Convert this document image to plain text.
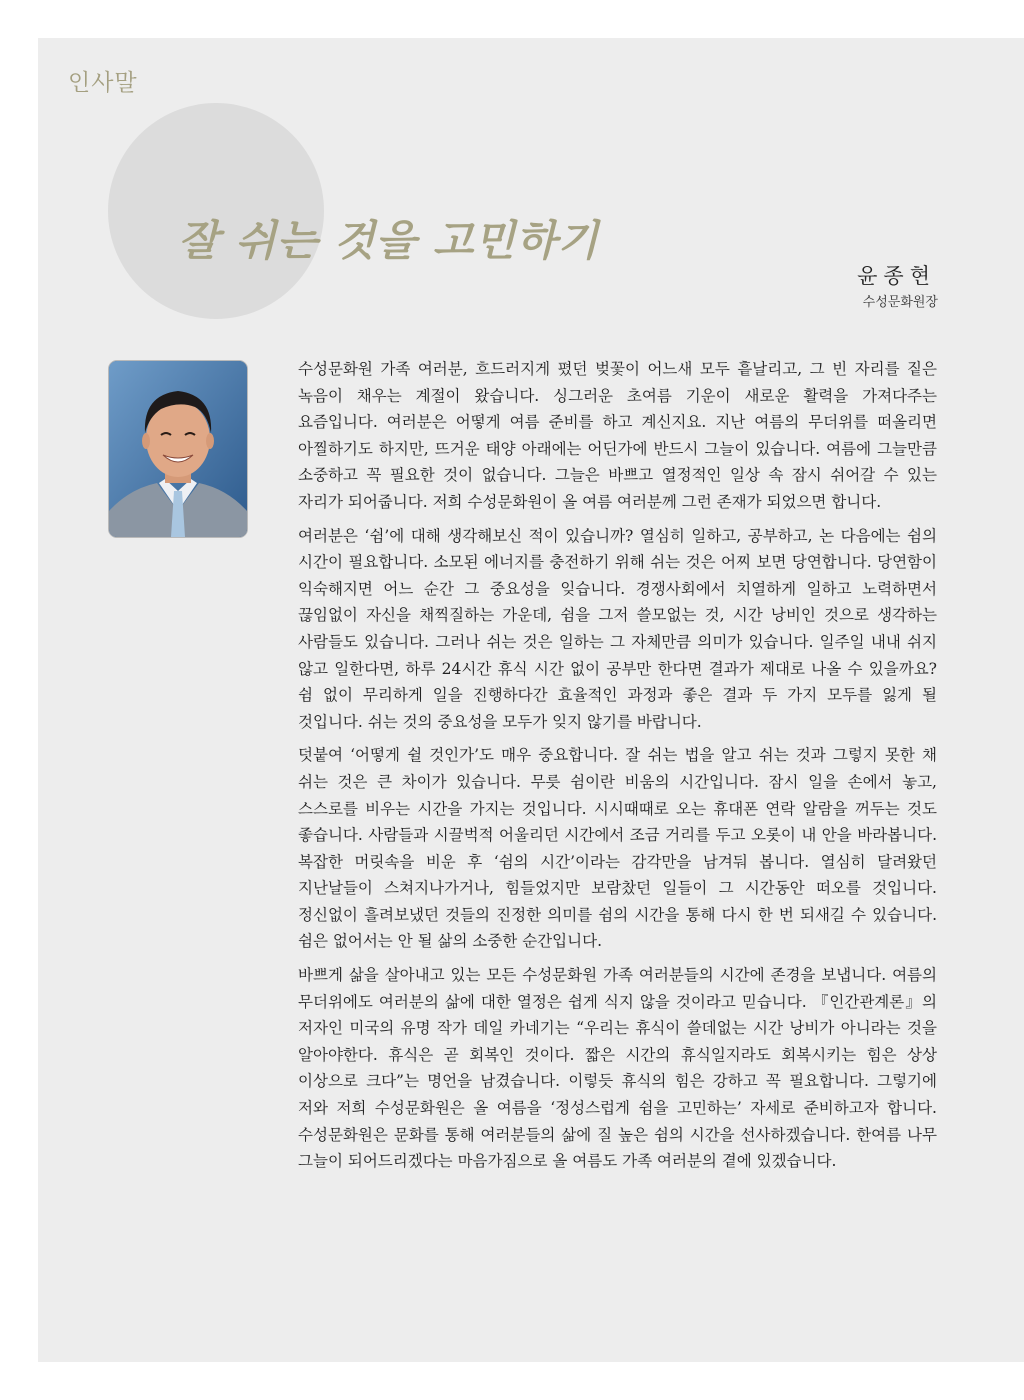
인사말
잘 쉬는 것을 고민하기
윤종현
수성문화원장

수성문화원 가족 여러분, 흐드러지게 폈던 벚꽃이 어느새 모두 흩날리고, 그 빈 자리를 짙은 녹음이 채우는 계절이 왔습니다. 싱그러운 초여름 기운이 새로운 활력을 가져다주는 요즘입니다. 여러분은 어떻게 여름 준비를 하고 계신지요. 지난 여름의 무더위를 떠올리면 아찔하기도 하지만, 뜨거운 태양 아래에는 어딘가에 반드시 그늘이 있습니다. 여름에 그늘만큼 소중하고 꼭 필요한 것이 없습니다. 그늘은 바쁘고 열정적인 일상 속 잠시 쉬어갈 수 있는 자리가 되어줍니다. 저희 수성문화원이 올 여름 여러분께 그런 존재가 되었으면 합니다.

여러분은 ‘쉼’에 대해 생각해보신 적이 있습니까? 열심히 일하고, 공부하고, 논 다음에는 쉼의 시간이 필요합니다. 소모된 에너지를 충전하기 위해 쉬는 것은 어찌 보면 당연합니다. 당연함이 익숙해지면 어느 순간 그 중요성을 잊습니다. 경쟁사회에서 치열하게 일하고 노력하면서 끊임없이 자신을 채찍질하는 가운데, 쉼을 그저 쓸모없는 것, 시간 낭비인 것으로 생각하는 사람들도 있습니다. 그러나 쉬는 것은 일하는 그 자체만큼 의미가 있습니다. 일주일 내내 쉬지 않고 일한다면, 하루 24시간 휴식 시간 없이 공부만 한다면 결과가 제대로 나올 수 있을까요? 쉼 없이 무리하게 일을 진행하다간 효율적인 과정과 좋은 결과 두 가지 모두를 잃게 될 것입니다. 쉬는 것의 중요성을 모두가 잊지 않기를 바랍니다.

덧붙여 ‘어떻게 쉴 것인가’도 매우 중요합니다. 잘 쉬는 법을 알고 쉬는 것과 그렇지 못한 채 쉬는 것은 큰 차이가 있습니다. 무릇 쉼이란 비움의 시간입니다. 잠시 일을 손에서 놓고, 스스로를 비우는 시간을 가지는 것입니다. 시시때때로 오는 휴대폰 연락 알람을 꺼두는 것도 좋습니다. 사람들과 시끌벅적 어울리던 시간에서 조금 거리를 두고 오롯이 내 안을 바라봅니다. 복잡한 머릿속을 비운 후 ‘쉼의 시간’이라는 감각만을 남겨둬 봅니다. 열심히 달려왔던 지난날들이 스쳐지나가거나, 힘들었지만 보람찼던 일들이 그 시간동안 떠오를 것입니다. 정신없이 흘려보냈던 것들의 진정한 의미를 쉼의 시간을 통해 다시 한 번 되새길 수 있습니다. 쉼은 없어서는 안 될 삶의 소중한 순간입니다.

바쁘게 삶을 살아내고 있는 모든 수성문화원 가족 여러분들의 시간에 존경을 보냅니다. 여름의 무더위에도 여러분의 삶에 대한 열정은 쉽게 식지 않을 것이라고 믿습니다. 『인간관계론』의 저자인 미국의 유명 작가 데일 카네기는 “우리는 휴식이 쓸데없는 시간 낭비가 아니라는 것을 알아야한다. 휴식은 곧 회복인 것이다. 짧은 시간의 휴식일지라도 회복시키는 힘은 상상 이상으로 크다”는 명언을 남겼습니다. 이렇듯 휴식의 힘은 강하고 꼭 필요합니다. 그렇기에 저와 저희 수성문화원은 올 여름을 ‘정성스럽게 쉼을 고민하는’ 자세로 준비하고자 합니다. 수성문화원은 문화를 통해 여러분들의 삶에 질 높은 쉼의 시간을 선사하겠습니다. 한여름 나무 그늘이 되어드리겠다는 마음가짐으로 올 여름도 가족 여러분의 곁에 있겠습니다.
